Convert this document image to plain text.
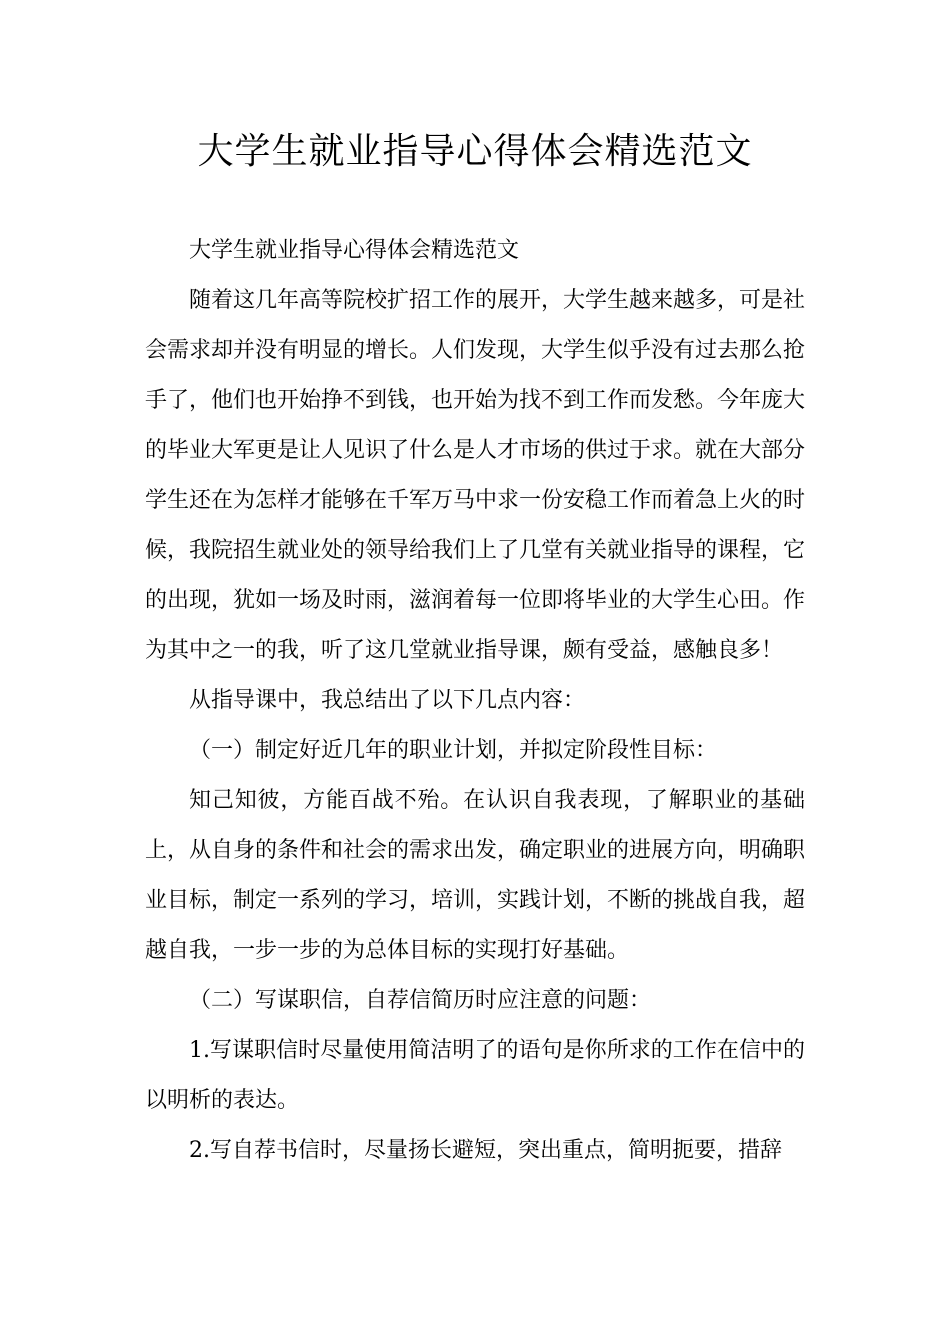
大学生就业指导心得体会精选范文

大学生就业指导心得体会精选范文

随着这几年高等院校扩招工作的展开，大学生越来越多，可是社会需求却并没有明显的增长。人们发现，大学生似乎没有过去那么抢手了，他们也开始挣不到钱，也开始为找不到工作而发愁。今年庞大的毕业大军更是让人见识了什么是人才市场的供过于求。就在大部分学生还在为怎样才能够在千军万马中求一份安稳工作而着急上火的时候，我院招生就业处的领导给我们上了几堂有关就业指导的课程，它的出现，犹如一场及时雨，滋润着每一位即将毕业的大学生心田。作为其中之一的我，听了这几堂就业指导课，颇有受益，感触良多！

从指导课中，我总结出了以下几点内容：

（一）制定好近几年的职业计划，并拟定阶段性目标：

知己知彼，方能百战不殆。在认识自我表现，了解职业的基础上，从自身的条件和社会的需求出发，确定职业的进展方向，明确职业目标，制定一系列的学习，培训，实践计划，不断的挑战自我，超越自我，一步一步的为总体目标的实现打好基础。

（二）写谋职信，自荐信简历时应注意的问题：

1.写谋职信时尽量使用简洁明了的语句是你所求的工作在信中的以明析的表达。

2.写自荐书信时，尽量扬长避短，突出重点，简明扼要，措辞
